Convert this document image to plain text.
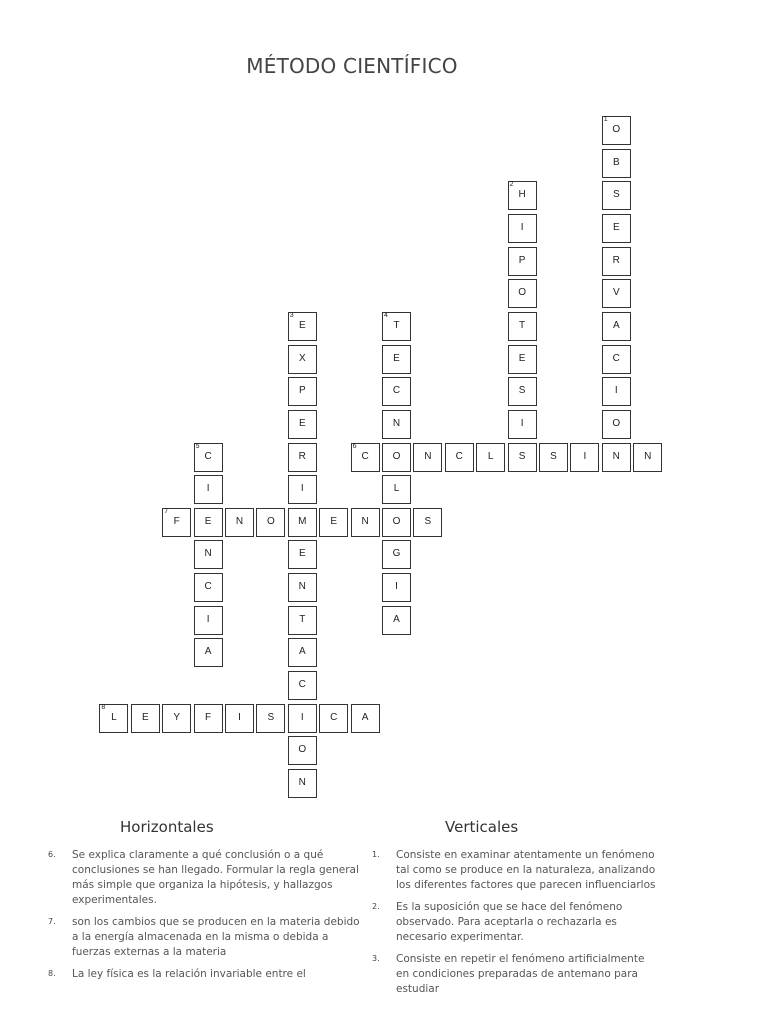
MÉTODO CIENTÍFICO
1
O
B
S
E
R
V
A
C
I
O
N
2
H
I
P
O
T
E
S
I
S
3
E
X
P
E
R
I
M
E
N
T
A
C
I
O
N
4
T
E
C
N
O
L
O
G
I
A
5
C
I
E
N
C
I
A
6
C	N	C	L	S	I	N
7
F	N	O	E	N	S
8
L	E	Y	F	I	S	C	A
Horizontales	Verticales
6. Se explica claramente a qué conclusión o a qué conclusiones se han llegado. Formular la regla general más simple que organiza la hipótesis, y hallazgos experimentales.
7. son los cambios que se producen en la materia debido a la energía almacenada en la misma o debida a fuerzas externas a la materia
8. La ley física es la relación invariable entre el
1. Consiste en examinar atentamente un fenómeno tal como se produce en la naturaleza, analizando los diferentes factores que parecen influenciarlos
2. Es la suposición que se hace del fenómeno observado. Para aceptarla o rechazarla es necesario experimentar.
3. Consiste en repetir el fenómeno artificialmente en condiciones preparadas de antemano para estudiar
